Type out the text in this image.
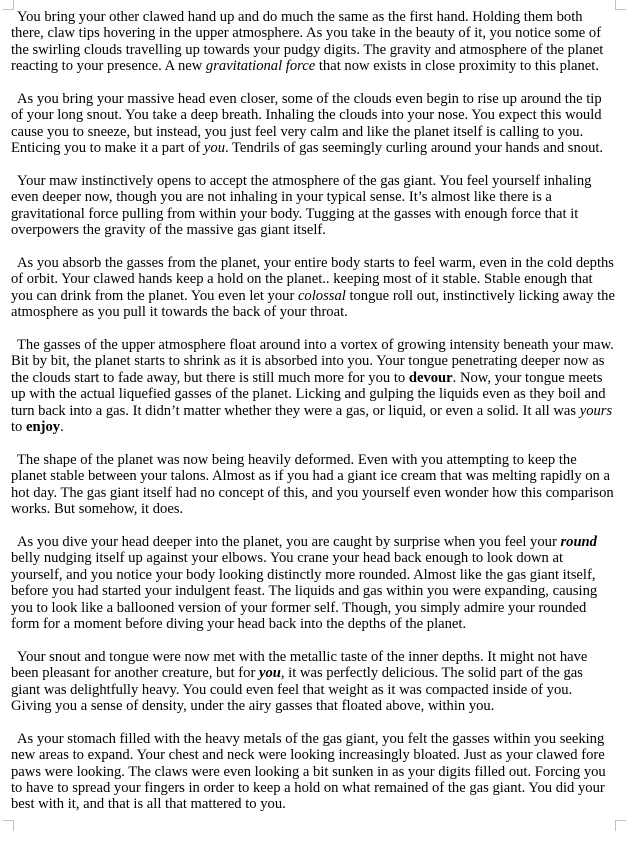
You bring your other clawed hand up and do much the same as the first hand. Holding them both there, claw tips hovering in the upper atmosphere. As you take in the beauty of it, you notice some of the swirling clouds travelling up towards your pudgy digits. The gravity and atmosphere of the planet reacting to your presence. A new gravitational force that now exists in close proximity to this planet.

As you bring your massive head even closer, some of the clouds even begin to rise up around the tip of your long snout. You take a deep breath. Inhaling the clouds into your nose. You expect this would cause you to sneeze, but instead, you just feel very calm and like the planet itself is calling to you. Enticing you to make it a part of you. Tendrils of gas seemingly curling around your hands and snout.

Your maw instinctively opens to accept the atmosphere of the gas giant. You feel yourself inhaling even deeper now, though you are not inhaling in your typical sense. It’s almost like there is a gravitational force pulling from within your body. Tugging at the gasses with enough force that it overpowers the gravity of the massive gas giant itself.

As you absorb the gasses from the planet, your entire body starts to feel warm, even in the cold depths of orbit. Your clawed hands keep a hold on the planet.. keeping most of it stable. Stable enough that you can drink from the planet. You even let your colossal tongue roll out, instinctively licking away the atmosphere as you pull it towards the back of your throat.

The gasses of the upper atmosphere float around into a vortex of growing intensity beneath your maw. Bit by bit, the planet starts to shrink as it is absorbed into you. Your tongue penetrating deeper now as the clouds start to fade away, but there is still much more for you to devour. Now, your tongue meets up with the actual liquefied gasses of the planet. Licking and gulping the liquids even as they boil and turn back into a gas. It didn’t matter whether they were a gas, or liquid, or even a solid. It all was yours to enjoy.

The shape of the planet was now being heavily deformed. Even with you attempting to keep the planet stable between your talons. Almost as if you had a giant ice cream that was melting rapidly on a hot day. The gas giant itself had no concept of this, and you yourself even wonder how this comparison works. But somehow, it does.

As you dive your head deeper into the planet, you are caught by surprise when you feel your round belly nudging itself up against your elbows. You crane your head back enough to look down at yourself, and you notice your body looking distinctly more rounded. Almost like the gas giant itself, before you had started your indulgent feast. The liquids and gas within you were expanding, causing you to look like a ballooned version of your former self. Though, you simply admire your rounded form for a moment before diving your head back into the depths of the planet.

Your snout and tongue were now met with the metallic taste of the inner depths. It might not have been pleasant for another creature, but for you, it was perfectly delicious. The solid part of the gas giant was delightfully heavy. You could even feel that weight as it was compacted inside of you. Giving you a sense of density, under the airy gasses that floated above, within you.

As your stomach filled with the heavy metals of the gas giant, you felt the gasses within you seeking new areas to expand. Your chest and neck were looking increasingly bloated. Just as your clawed fore paws were looking. The claws were even looking a bit sunken in as your digits filled out. Forcing you to have to spread your fingers in order to keep a hold on what remained of the gas giant. You did your best with it, and that is all that mattered to you.
